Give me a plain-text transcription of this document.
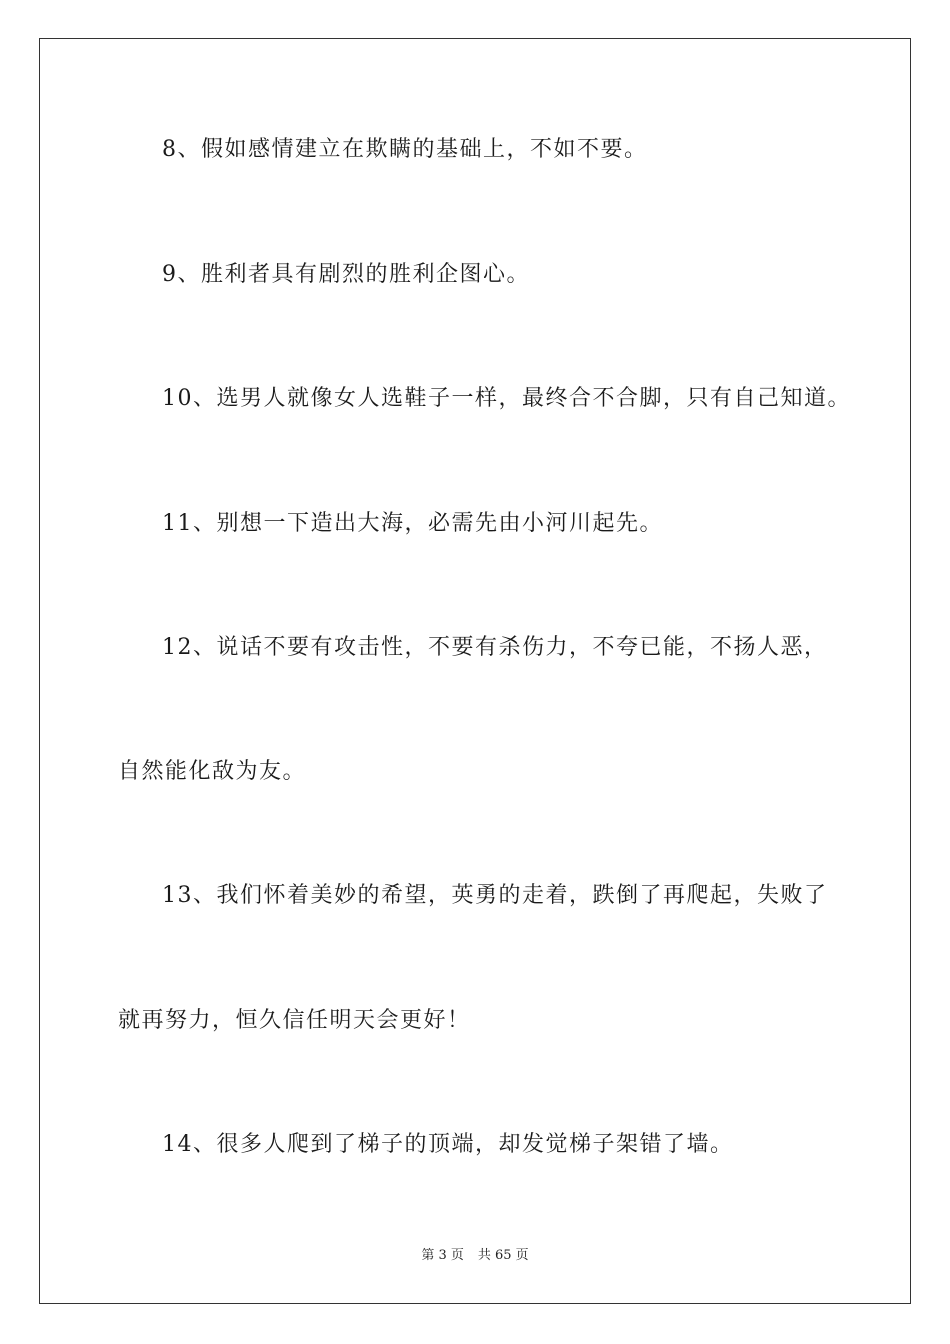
8、假如感情建立在欺瞒的基础上，不如不要。
9、胜利者具有剧烈的胜利企图心。
10、选男人就像女人选鞋子一样，最终合不合脚，只有自己知道。
11、别想一下造出大海，必需先由小河川起先。
12、说话不要有攻击性，不要有杀伤力，不夸已能，不扬人恶，
自然能化敌为友。
13、我们怀着美妙的希望，英勇的走着，跌倒了再爬起，失败了
就再努力，恒久信任明天会更好！
14、很多人爬到了梯子的顶端，却发觉梯子架错了墙。
第 3 页 共 65 页
